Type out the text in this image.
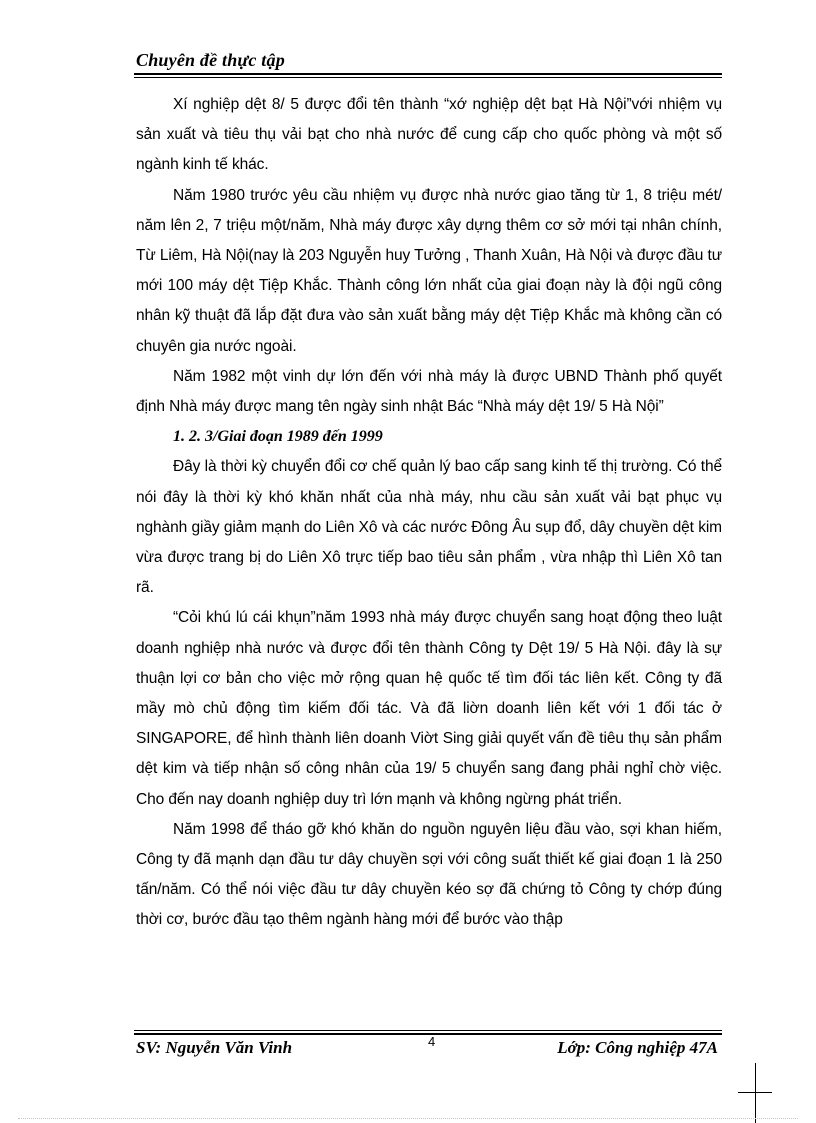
Chuyên đề thực tập

Xí nghiệp dệt 8/ 5 được đổi tên thành “xớ nghiệp dệt bạt Hà Nội”với nhiệm vụ sản xuất và tiêu thụ vải bạt cho nhà nước để cung cấp cho quốc phòng và một số ngành kinh tế khác.

Năm 1980 trước yêu cầu nhiệm vụ được nhà nước giao tăng từ 1, 8 triệu mét/ năm lên 2, 7 triệu một/năm, Nhà máy được xây dựng thêm cơ sở mới tại nhân chính, Từ Liêm, Hà Nội(nay là 203 Nguyễn huy Tưởng , Thanh Xuân, Hà Nội và được đầu tư mới 100 máy dệt Tiệp Khắc. Thành công lớn nhất của giai đoạn này là đội ngũ công nhân kỹ thuật đã lắp đặt đưa vào sản xuất bằng máy dệt Tiệp Khắc mà không cần có chuyên gia nước ngoài.

Năm 1982 một vinh dự lớn đến với nhà máy là được UBND Thành phố quyết định Nhà máy được mang tên ngày sinh nhật Bác “Nhà máy dệt 19/ 5 Hà Nội”

1. 2. 3/Giai đoạn 1989 đến 1999

Đây là thời kỳ chuyển đổi cơ chế quản lý bao cấp sang kinh tế thị trường. Có thể nói đây là thời kỳ khó khăn nhất của nhà máy, nhu cầu sản xuất vải bạt phục vụ nghành giầy giảm mạnh do Liên Xô và các nước Đông Âu sụp đổ, dây chuyền dệt kim vừa được trang bị do Liên Xô trực tiếp bao tiêu sản phẩm , vừa nhập thì Liên Xô tan rã.

“Cỏi khú lú cái khụn”năm 1993 nhà máy được chuyển sang hoạt động theo luật doanh nghiệp nhà nước và được đổi tên thành Công ty Dệt 19/ 5 Hà Nội. đây là sự thuận lợi cơ bản cho việc mở rộng quan hệ quốc tế tìm đối tác liên kết. Công ty đã mầy mò chủ động tìm kiếm đối tác. Và đã liờn doanh liên kết với 1 đối tác ở SINGAPORE, để hình thành liên doanh Viờt Sing giải quyết vấn đề tiêu thụ sản phẩm dệt kim và tiếp nhận số công nhân của 19/ 5 chuyển sang đang phải nghỉ chờ việc. Cho đến nay doanh nghiệp duy trì lớn mạnh và không ngừng phát triển.

Năm 1998 để tháo gỡ khó khăn do nguồn nguyên liệu đầu vào, sợi khan hiếm, Công ty đã mạnh dạn đầu tư dây chuyền sợi với công suất thiết kế giai đoạn 1 là 250 tấn/năm. Có thể nói việc đầu tư dây chuyền kéo sợ đã chứng tỏ Công ty chớp đúng thời cơ, bước đầu tạo thêm ngành hàng mới để bước vào thập

SV: Nguyễn Văn Vinh	4	Lớp: Công nghiệp 47A
